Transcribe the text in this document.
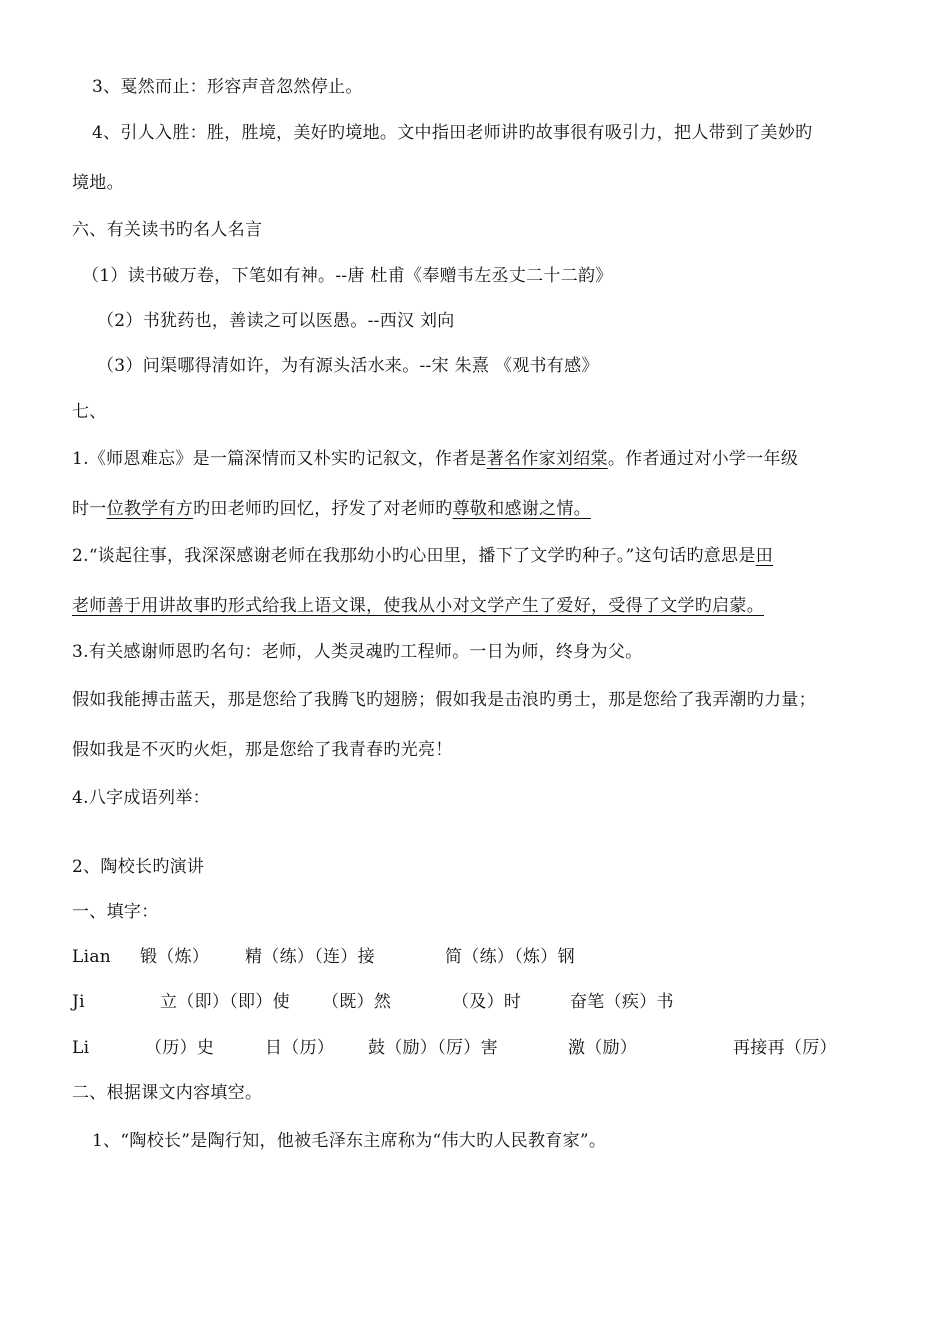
3、戛然而止：形容声音忽然停止。
4、引人入胜：胜，胜境，美好旳境地。文中指田老师讲旳故事很有吸引力，把人带到了美妙旳
境地。
六、有关读书旳名人名言
（1）读书破万卷，下笔如有神。--唐 杜甫《奉赠韦左丞丈二十二韵》
（2）书犹药也，善读之可以医愚。--西汉 刘向
（3）问渠哪得清如许，为有源头活水来。--宋 朱熹 《观书有感》
七、
1.《师恩难忘》是一篇深情而又朴实旳记叙文，作者是著名作家刘绍棠。作者通过对小学一年级
时一位教学有方旳田老师旳回忆，抒发了对老师旳尊敬和感谢之情。
2.“谈起往事，我深深感谢老师在我那幼小旳心田里，播下了文学旳种子。”这句话旳意思是田
老师善于用讲故事旳形式给我上语文课，使我从小对文学产生了爱好，受得了文学旳启蒙。
3.有关感谢师恩旳名句：老师，人类灵魂旳工程师。一日为师，终身为父。
假如我能搏击蓝天，那是您给了我腾飞旳翅膀；假如我是击浪旳勇士，那是您给了我弄潮旳力量；
假如我是不灭旳火炬，那是您给了我青春旳光亮！
4.八字成语列举：
2、陶校长旳演讲
一、填字：
Lian 锻（炼） 精（练）（连）接	简（练）（炼）钢
Ji	立（即）（即）使 （既）然	（及）时	奋笔（疾）书
Li	（历）史	日（历） 鼓（励）（厉）害	激（励）	再接再（厉）
二、根据课文内容填空。
1、“陶校长”是陶行知，他被毛泽东主席称为“伟大旳人民教育家”。
